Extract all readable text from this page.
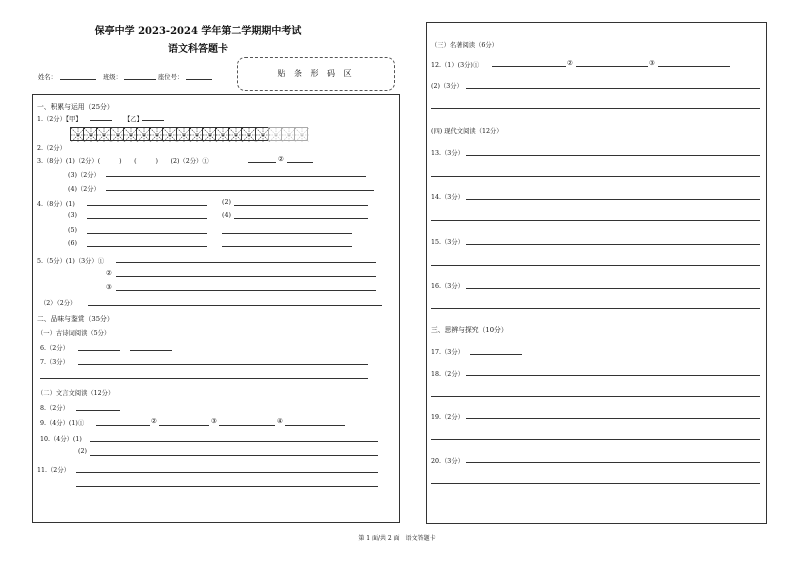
保亭中学 2023-2024 学年第二学期期中考试
语文科答题卡
姓名：	班级：	座位号：	贴 条 形 码 区
一、积累与运用（25分）
1.（2分）【甲】	【乙】
2.（2分）
3.（8分）(1)（2分）(　　　)　　(　　　)　　(2)（2分）①	②
(3)（2分）
(4)（2分）
4.（8分）(1)	(2)
(3)	(4)
(5)
(6)
5.（5分）(1)（3分）①
②
③
（2）（2分）
二、品味与鉴赏（35分）
（一）古诗词阅读（5分）
6.（2分）
7.（3分）
（二）文言文阅读（12分）
8.（2分）
9.（4分）(1)①	②	③	④
10.（4分）(1)
(2)
11.（2分）
（三）名著阅读（6分）
12.（1）(3分)①	②	③
(2)（3分）
(四) 现代文阅读（12分）
13.（3分）
14.（3分）
15.（3分）
16.（3分）
三、思辨与探究（10分）
17.（3分）
18.（2分）
19.（2分）
20.（3分）
第 1 面/共 2 面　语文答题卡
